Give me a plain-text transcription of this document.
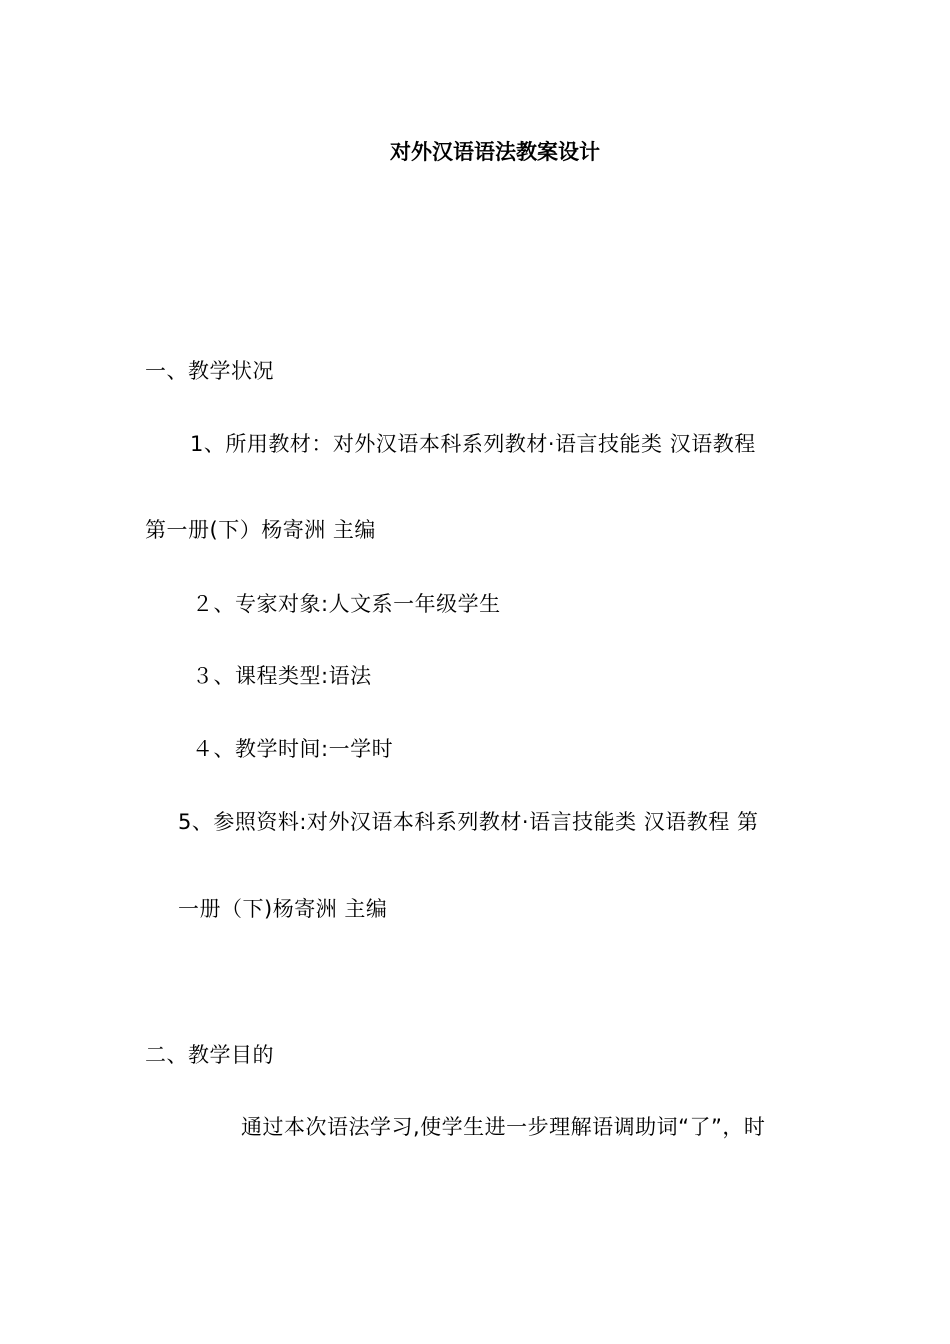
对外汉语语法教案设计
一、教学状况
1、所用教材：对外汉语本科系列教材·语言技能类 汉语教程
第一册(下）杨寄洲 主编
２、专家对象:人文系一年级学生
３、课程类型:语法
４、教学时间:一学时
5、参照资料:对外汉语本科系列教材·语言技能类 汉语教程 第
一册（下)杨寄洲 主编
二、教学目的
通过本次语法学习,使学生进一步理解语调助词“了”，时
